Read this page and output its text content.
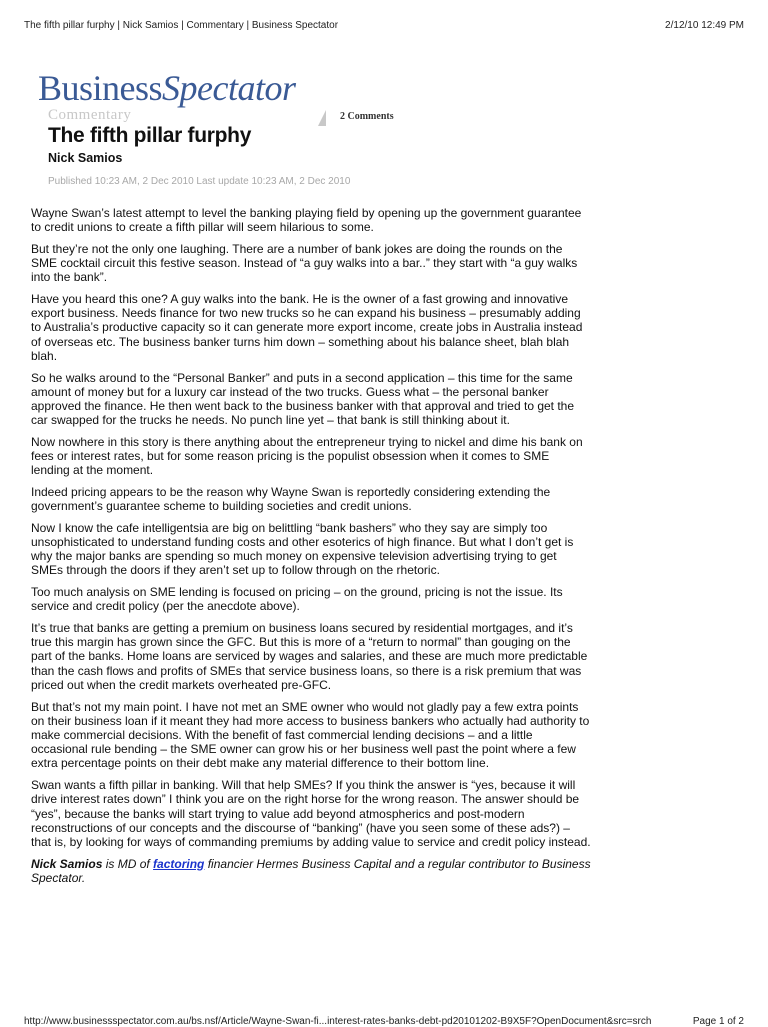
The fifth pillar furphy | Nick Samios | Commentary | Business Spectator	2/12/10 12:49 PM
BusinessSpectator
Commentary	2 Comments
The fifth pillar furphy
Nick Samios
Published 10:23 AM, 2 Dec 2010 Last update 10:23 AM, 2 Dec 2010

Wayne Swan’s latest attempt to level the banking playing field by opening up the government guarantee to credit unions to create a fifth pillar will seem hilarious to some.

But they’re not the only one laughing. There are a number of bank jokes are doing the rounds on the SME cocktail circuit this festive season. Instead of “a guy walks into a bar..” they start with “a guy walks into the bank”.

Have you heard this one? A guy walks into the bank. He is the owner of a fast growing and innovative export business. Needs finance for two new trucks so he can expand his business – presumably adding to Australia’s productive capacity so it can generate more export income, create jobs in Australia instead of overseas etc. The business banker turns him down – something about his balance sheet, blah blah blah.

So he walks around to the “Personal Banker” and puts in a second application – this time for the same amount of money but for a luxury car instead of the two trucks. Guess what – the personal banker approved the finance. He then went back to the business banker with that approval and tried to get the car swapped for the trucks he needs. No punch line yet – that bank is still thinking about it.

Now nowhere in this story is there anything about the entrepreneur trying to nickel and dime his bank on fees or interest rates, but for some reason pricing is the populist obsession when it comes to SME lending at the moment.

Indeed pricing appears to be the reason why Wayne Swan is reportedly considering extending the government’s guarantee scheme to building societies and credit unions.

Now I know the cafe intelligentsia are big on belittling “bank bashers” who they say are simply too unsophisticated to understand funding costs and other esoterics of high finance. But what I don’t get is why the major banks are spending so much money on expensive television advertising trying to get SMEs through the doors if they aren’t set up to follow through on the rhetoric.

Too much analysis on SME lending is focused on pricing – on the ground, pricing is not the issue. Its service and credit policy (per the anecdote above).

It’s true that banks are getting a premium on business loans secured by residential mortgages, and it’s true this margin has grown since the GFC. But this is more of a “return to normal” than gouging on the part of the banks. Home loans are serviced by wages and salaries, and these are much more predictable than the cash flows and profits of SMEs that service business loans, so there is a risk premium that was priced out when the credit markets overheated pre-GFC.

But that’s not my main point. I have not met an SME owner who would not gladly pay a few extra points on their business loan if it meant they had more access to business bankers who actually had authority to make commercial decisions. With the benefit of fast commercial lending decisions – and a little occasional rule bending – the SME owner can grow his or her business well past the point where a few extra percentage points on their debt make any material difference to their bottom line.

Swan wants a fifth pillar in banking. Will that help SMEs? If you think the answer is “yes, because it will drive interest rates down” I think you are on the right horse for the wrong reason. The answer should be “yes”, because the banks will start trying to value add beyond atmospherics and post-modern reconstructions of our concepts and the discourse of “banking” (have you seen some of these ads?) – that is, by looking for ways of commanding premiums by adding value to service and credit policy instead.

Nick Samios is MD of factoring financier Hermes Business Capital and a regular contributor to Business Spectator.

http://www.businessspectator.com.au/bs.nsf/Article/Wayne-Swan-fi...interest-rates-banks-debt-pd20101202-B9X5F?OpenDocument&src=srch	Page 1 of 2
